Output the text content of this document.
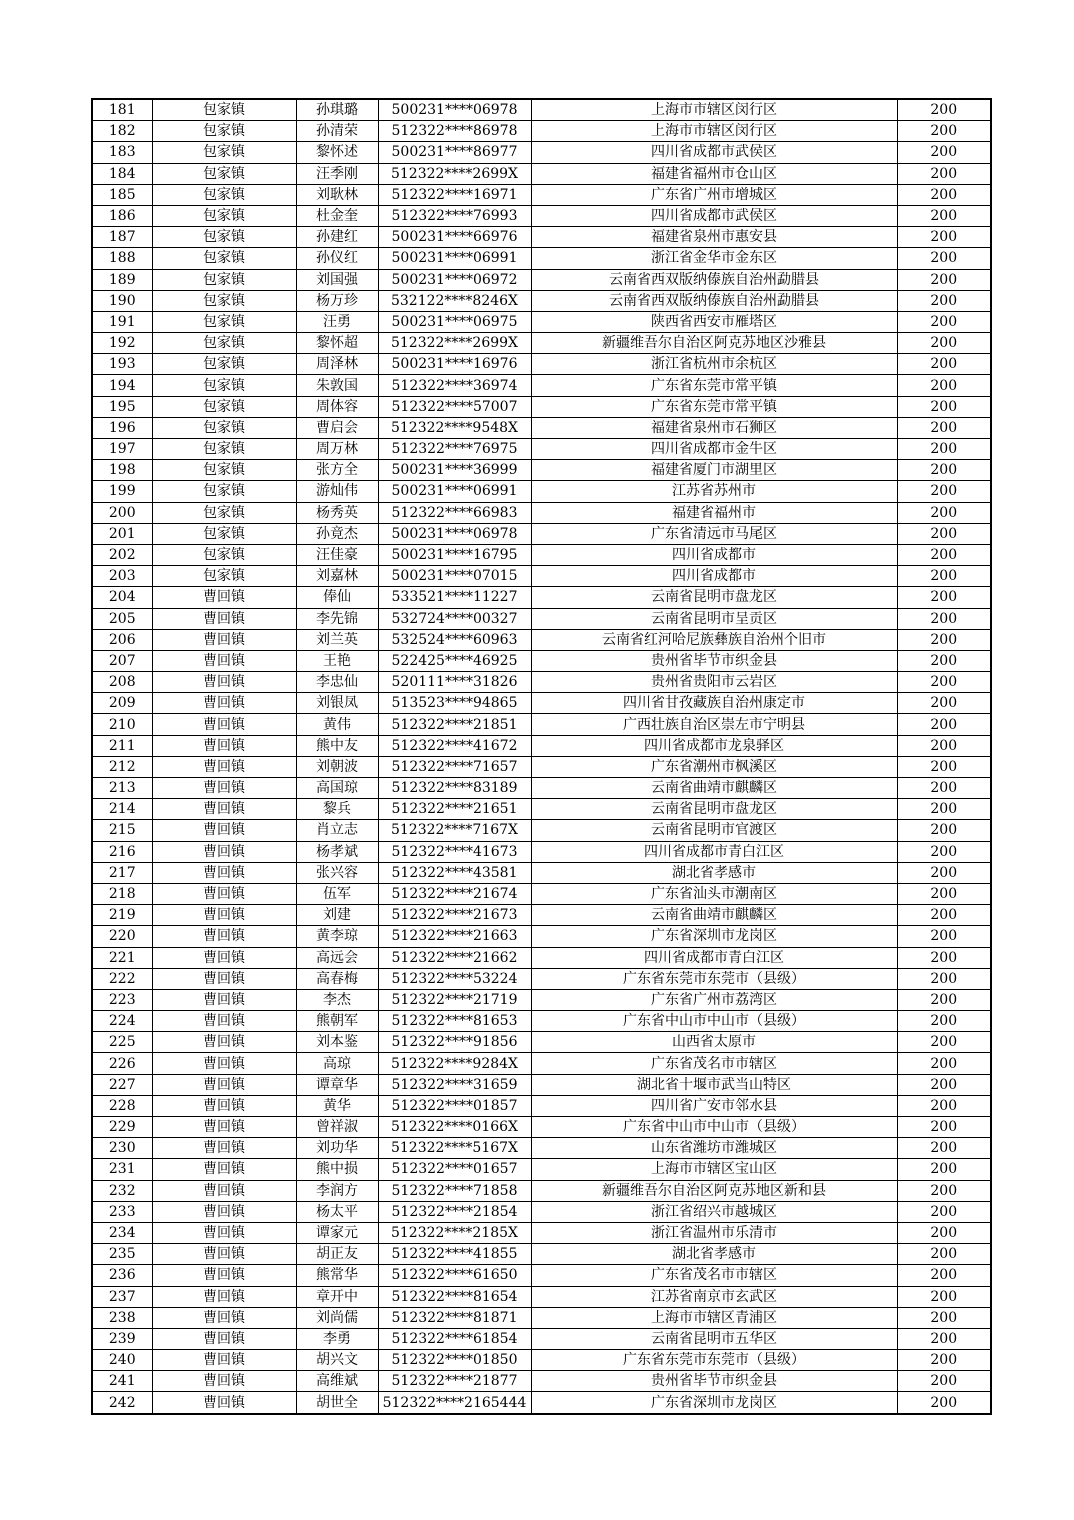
181	包家镇	孙琪璐	500231****06978	上海市市辖区闵行区	200
182	包家镇	孙清荣	512322****86978	上海市市辖区闵行区	200
183	包家镇	黎怀述	500231****86977	四川省成都市武侯区	200
184	包家镇	汪季刚	512322****2699X	福建省福州市仓山区	200
185	包家镇	刘耿林	512322****16971	广东省广州市增城区	200
186	包家镇	杜金奎	512322****76993	四川省成都市武侯区	200
187	包家镇	孙建红	500231****66976	福建省泉州市惠安县	200
188	包家镇	孙仪红	500231****06991	浙江省金华市金东区	200
189	包家镇	刘国强	500231****06972	云南省西双版纳傣族自治州勐腊县	200
190	包家镇	杨万珍	532122****8246X	云南省西双版纳傣族自治州勐腊县	200
191	包家镇	汪勇	500231****06975	陕西省西安市雁塔区	200
192	包家镇	黎怀超	512322****2699X	新疆维吾尔自治区阿克苏地区沙雅县	200
193	包家镇	周泽林	500231****16976	浙江省杭州市余杭区	200
194	包家镇	朱敦国	512322****36974	广东省东莞市常平镇	200
195	包家镇	周体容	512322****57007	广东省东莞市常平镇	200
196	包家镇	曹启会	512322****9548X	福建省泉州市石狮区	200
197	包家镇	周万林	512322****76975	四川省成都市金牛区	200
198	包家镇	张方全	500231****36999	福建省厦门市湖里区	200
199	包家镇	游灿伟	500231****06991	江苏省苏州市	200
200	包家镇	杨秀英	512322****66983	福建省福州市	200
201	包家镇	孙竟杰	500231****06978	广东省清远市马尾区	200
202	包家镇	汪佳豪	500231****16795	四川省成都市	200
203	包家镇	刘嘉林	500231****07015	四川省成都市	200
204	曹回镇	俸仙	533521****11227	云南省昆明市盘龙区	200
205	曹回镇	李先锦	532724****00327	云南省昆明市呈贡区	200
206	曹回镇	刘兰英	532524****60963	云南省红河哈尼族彝族自治州个旧市	200
207	曹回镇	王艳	522425****46925	贵州省毕节市织金县	200
208	曹回镇	李忠仙	520111****31826	贵州省贵阳市云岩区	200
209	曹回镇	刘银凤	513523****94865	四川省甘孜藏族自治州康定市	200
210	曹回镇	黄伟	512322****21851	广西壮族自治区崇左市宁明县	200
211	曹回镇	熊中友	512322****41672	四川省成都市龙泉驿区	200
212	曹回镇	刘朝波	512322****71657	广东省潮州市枫溪区	200
213	曹回镇	高国琼	512322****83189	云南省曲靖市麒麟区	200
214	曹回镇	黎兵	512322****21651	云南省昆明市盘龙区	200
215	曹回镇	肖立志	512322****7167X	云南省昆明市官渡区	200
216	曹回镇	杨孝斌	512322****41673	四川省成都市青白江区	200
217	曹回镇	张兴容	512322****43581	湖北省孝感市	200
218	曹回镇	伍军	512322****21674	广东省汕头市潮南区	200
219	曹回镇	刘建	512322****21673	云南省曲靖市麒麟区	200
220	曹回镇	黄李琼	512322****21663	广东省深圳市龙岗区	200
221	曹回镇	高远会	512322****21662	四川省成都市青白江区	200
222	曹回镇	高春梅	512322****53224	广东省东莞市东莞市（县级）	200
223	曹回镇	李杰	512322****21719	广东省广州市荔湾区	200
224	曹回镇	熊朝军	512322****81653	广东省中山市中山市（县级）	200
225	曹回镇	刘本鉴	512322****91856	山西省太原市	200
226	曹回镇	高琼	512322****9284X	广东省茂名市市辖区	200
227	曹回镇	谭章华	512322****31659	湖北省十堰市武当山特区	200
228	曹回镇	黄华	512322****01857	四川省广安市邻水县	200
229	曹回镇	曾祥淑	512322****0166X	广东省中山市中山市（县级）	200
230	曹回镇	刘功华	512322****5167X	山东省潍坊市潍城区	200
231	曹回镇	熊中损	512322****01657	上海市市辖区宝山区	200
232	曹回镇	李润方	512322****71858	新疆维吾尔自治区阿克苏地区新和县	200
233	曹回镇	杨太平	512322****21854	浙江省绍兴市越城区	200
234	曹回镇	谭家元	512322****2185X	浙江省温州市乐清市	200
235	曹回镇	胡正友	512322****41855	湖北省孝感市	200
236	曹回镇	熊常华	512322****61650	广东省茂名市市辖区	200
237	曹回镇	章开中	512322****81654	江苏省南京市玄武区	200
238	曹回镇	刘尚儒	512322****81871	上海市市辖区青浦区	200
239	曹回镇	李勇	512322****61854	云南省昆明市五华区	200
240	曹回镇	胡兴文	512322****01850	广东省东莞市东莞市（县级）	200
241	曹回镇	高维斌	512322****21877	贵州省毕节市织金县	200
242	曹回镇	胡世全	512322****2165444	广东省深圳市龙岗区	200
